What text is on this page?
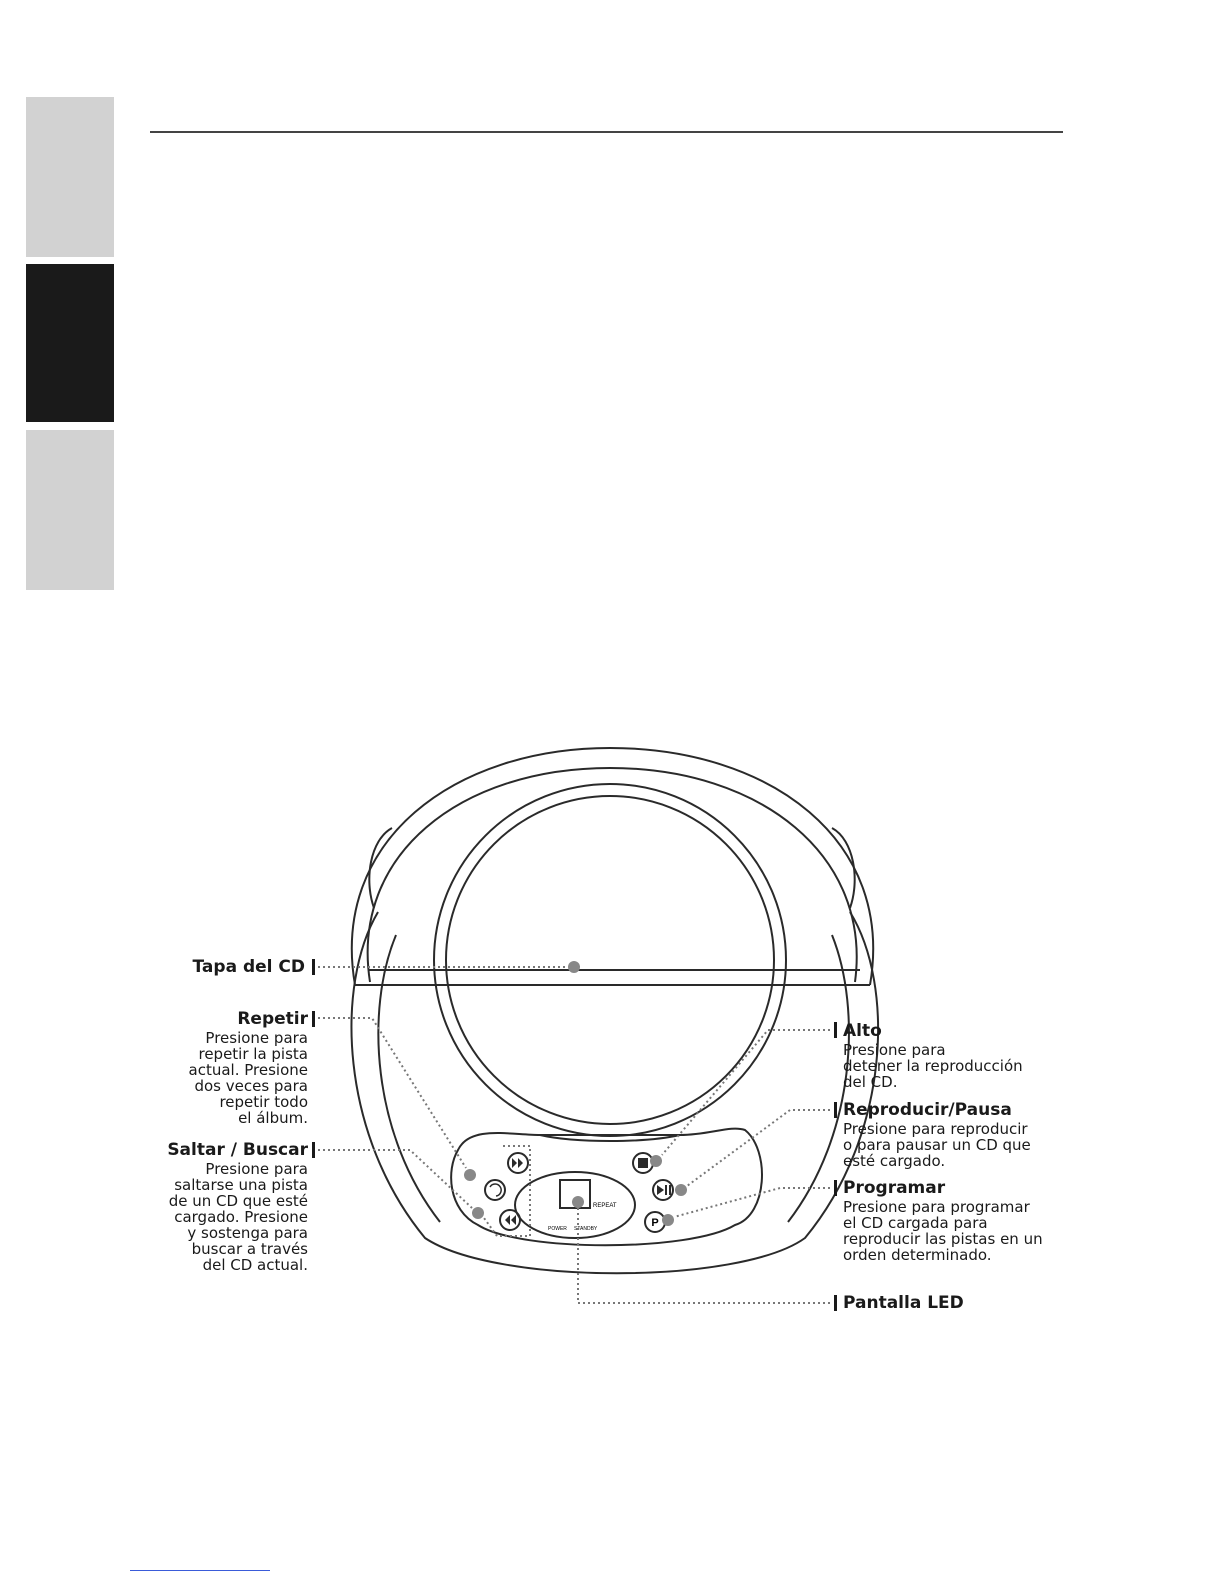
P
REPEAT
POWER STANDBY
Tapa del CD
Repetir
Presione para
repetir la pista
actual. Presione
dos veces para
repetir todo
el álbum.
Saltar / Buscar
Presione para
saltarse una pista
de un CD que esté
cargado. Presione
y sostenga para
buscar a través
del CD actual.
Alto
Presione para
detener la reproducción
del CD.
Reproducir/Pausa
Presione para reproducir
o para pausar un CD que
esté cargado.
Programar
Presione para programar
el CD cargada para
reproducir las pistas en un
orden determinado.
Pantalla LED
